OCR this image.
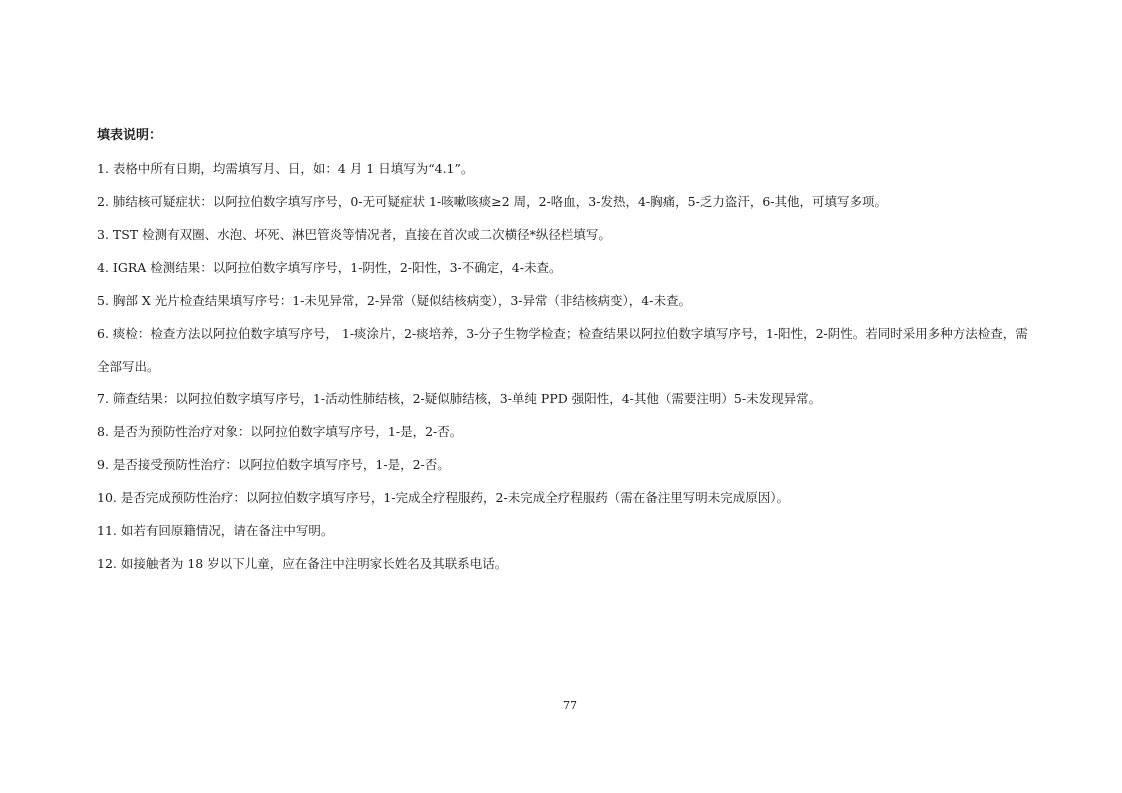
填表说明：
1. 表格中所有日期，均需填写月、日，如：4 月 1 日填写为“4.1”。
2. 肺结核可疑症状：以阿拉伯数字填写序号，0-无可疑症状 1-咳嗽咳痰≥2 周，2-咯血，3-发热，4-胸痛，5-乏力盗汗，6-其他，可填写多项。
3. TST 检测有双圈、水泡、坏死、淋巴管炎等情况者，直接在首次或二次横径*纵径栏填写。
4. IGRA 检测结果：以阿拉伯数字填写序号，1-阴性，2-阳性，3-不确定，4-未查。
5. 胸部 X 光片检查结果填写序号：1-未见异常，2-异常（疑似结核病变），3-异常（非结核病变），4-未查。
6. 痰检：检查方法以阿拉伯数字填写序号， 1-痰涂片，2-痰培养，3-分子生物学检查；检查结果以阿拉伯数字填写序号，1-阳性，2-阴性。若同时采用多种方法检查，需全部写出。
7. 筛查结果：以阿拉伯数字填写序号，1-活动性肺结核，2-疑似肺结核，3-单纯 PPD 强阳性，4-其他（需要注明）5-未发现异常。
8. 是否为预防性治疗对象：以阿拉伯数字填写序号，1-是，2-否。
9. 是否接受预防性治疗：以阿拉伯数字填写序号，1-是，2-否。
10. 是否完成预防性治疗：以阿拉伯数字填写序号，1-完成全疗程服药，2-未完成全疗程服药（需在备注里写明未完成原因）。
11. 如若有回原籍情况，请在备注中写明。
12. 如接触者为 18 岁以下儿童，应在备注中注明家长姓名及其联系电话。
77
